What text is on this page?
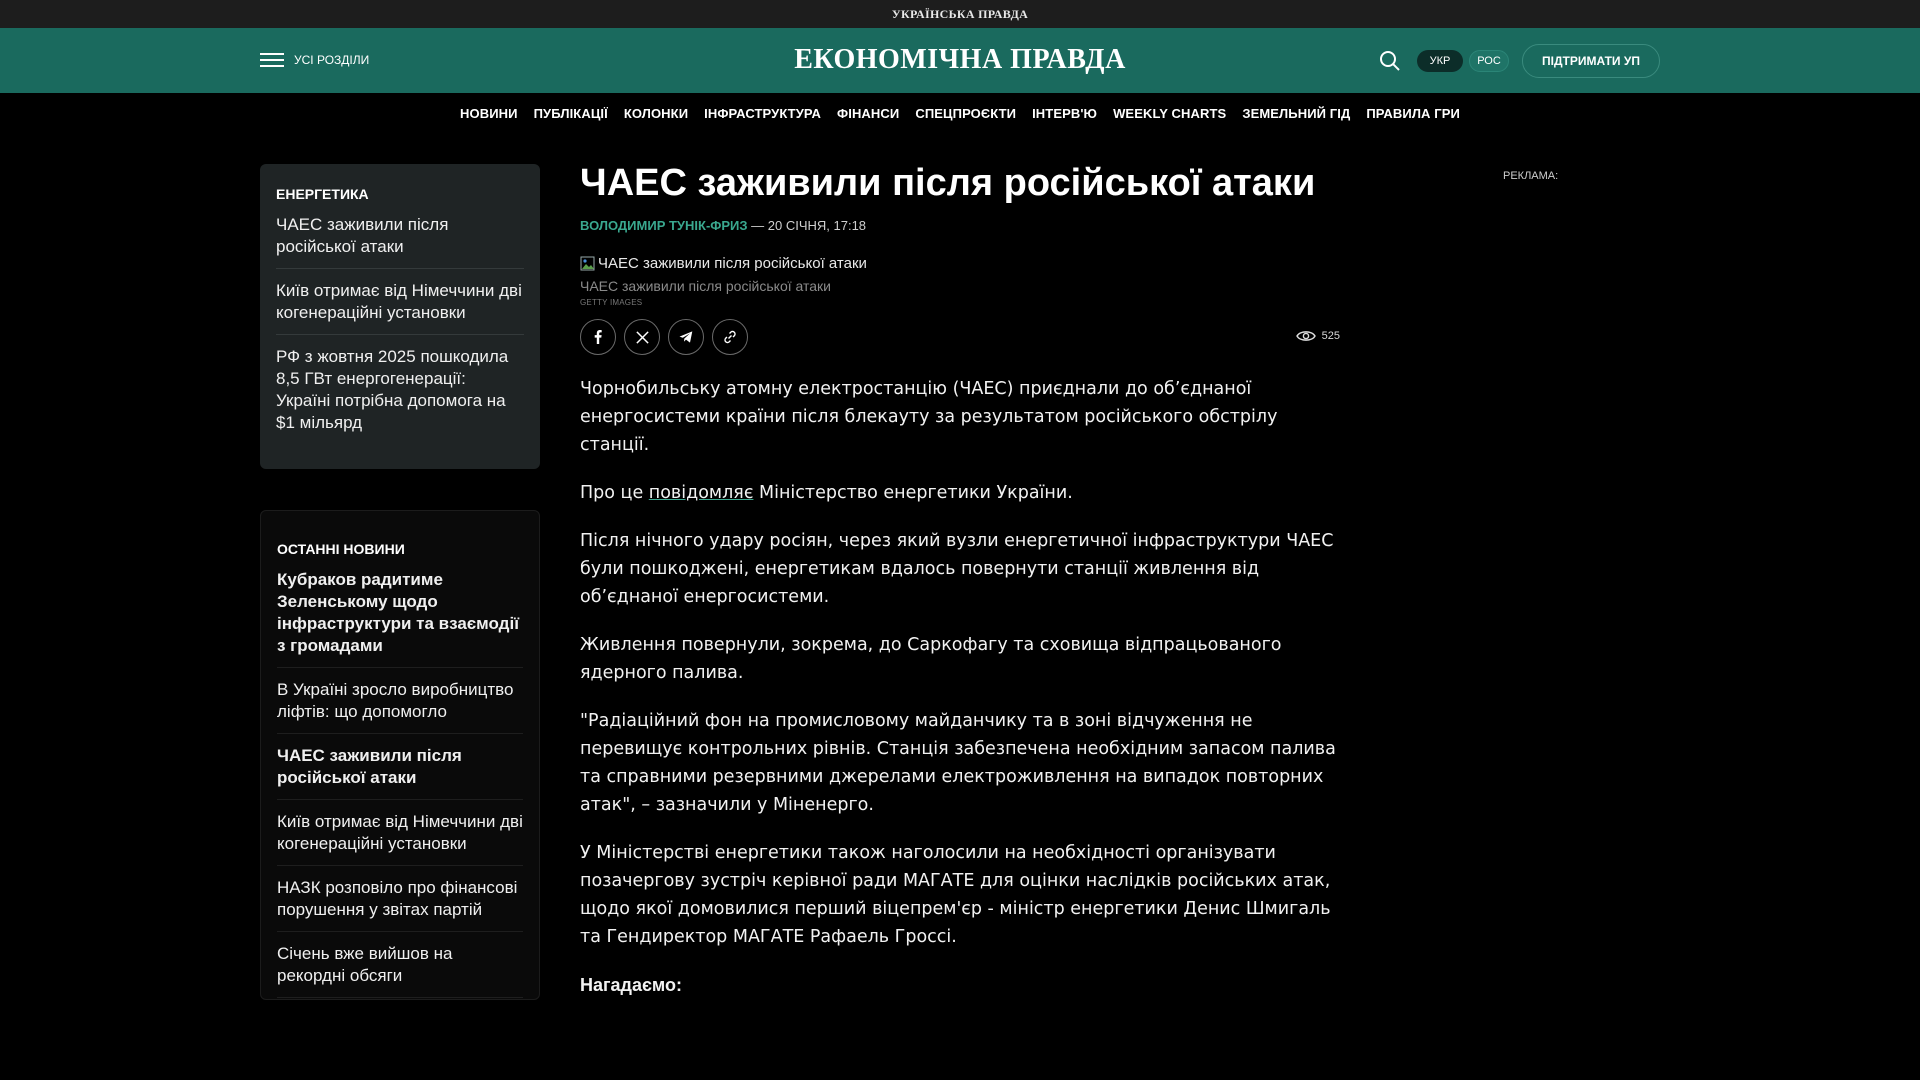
УКРАЇНСЬКА ПРАВДА
УСІ РОЗДІЛИ	ЕКОНОМІЧНА ПРАВДА	УКР	РОС	ПІДТРИМАТИ УП
НОВИНИ ПУБЛІКАЦІЇ КОЛОНКИ ІНФРАСТРУКТУРА ФІНАНСИ СПЕЦПРОЄКТИ ІНТЕРВ'Ю WEEKLY CHARTS ЗЕМЕЛЬНИЙ ГІД ПРАВИЛА ГРИ
ЕНЕРГЕТИКА
ЧАЕС заживили після російської атаки
Київ отримає від Німеччини дві когенераційні установки
РФ з жовтня 2025 пошкодила 8,5 ГВт енергогенерації: Україні потрібна допомога на $1 мільярд
ОСТАННІ НОВИНИ
Кубраков радитиме Зеленському щодо інфраструктури та взаємодії з громадами
В Україні зросло виробництво ліфтів: що допомогло
ЧАЕС заживили після російської атаки
Київ отримає від Німеччини дві когенераційні установки
НАЗК розповіло про фінансові порушення у звітах партій
Січень вже вийшов на рекордні обсяги
ЧАЕС заживили після російської атаки
ВОЛОДИМИР ТУНІК-ФРИЗ — 20 СІЧНЯ, 17:18
ЧАЕС заживили після російської атаки
ЧАЕС заживили після російської атаки
GETTY IMAGES
525

Чорнобильську атомну електростанцію (ЧАЕС) приєднали до об’єднаної енергосистеми країни після блекауту за результатом російського обстрілу станції.

Про це повідомляє Міністерство енергетики України.

Після нічного удару росіян, через який вузли енергетичної інфраструктури ЧАЕС були пошкоджені, енергетикам вдалось повернути станції живлення від об’єднаної енергосистеми.

Живлення повернули, зокрема, до Саркофагу та сховища відпрацьованого ядерного палива.

"Радіаційний фон на промисловому майданчику та в зоні відчуження не перевищує контрольних рівнів. Станція забезпечена необхідним запасом палива та справними резервними джерелами електроживлення на випадок повторних атак", – зазначили у Міненерго.

У Міністерстві енергетики також наголосили на необхідності організувати позачергову зустріч керівної ради МАГАТЕ для оцінки наслідків російських атак, щодо якої домовилися перший віцепрем'єр - міністр енергетики Денис Шмигаль та Гендиректор МАГАТЕ Рафаель Гроссі.

Нагадаємо:

РЕКЛАМА:
